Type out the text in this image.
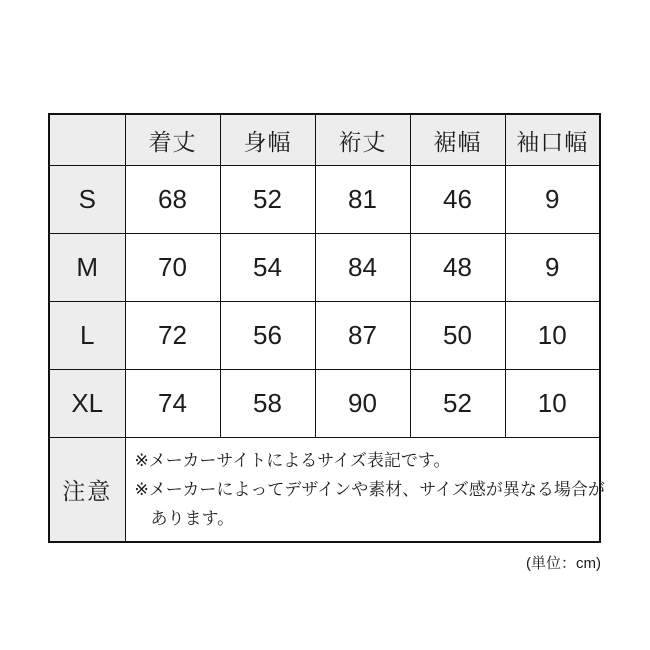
	着丈	身幅	裄丈	裾幅	袖口幅
S	68	52	81	46	9
M	70	54	84	48	9
L	72	56	87	50	10
XL	74	58	90	52	10
注意	※メーカーサイトによるサイズ表記です。
※メーカーによってデザインや素材、サイズ感が異なる場合が
あります。				
(単位：cm)
